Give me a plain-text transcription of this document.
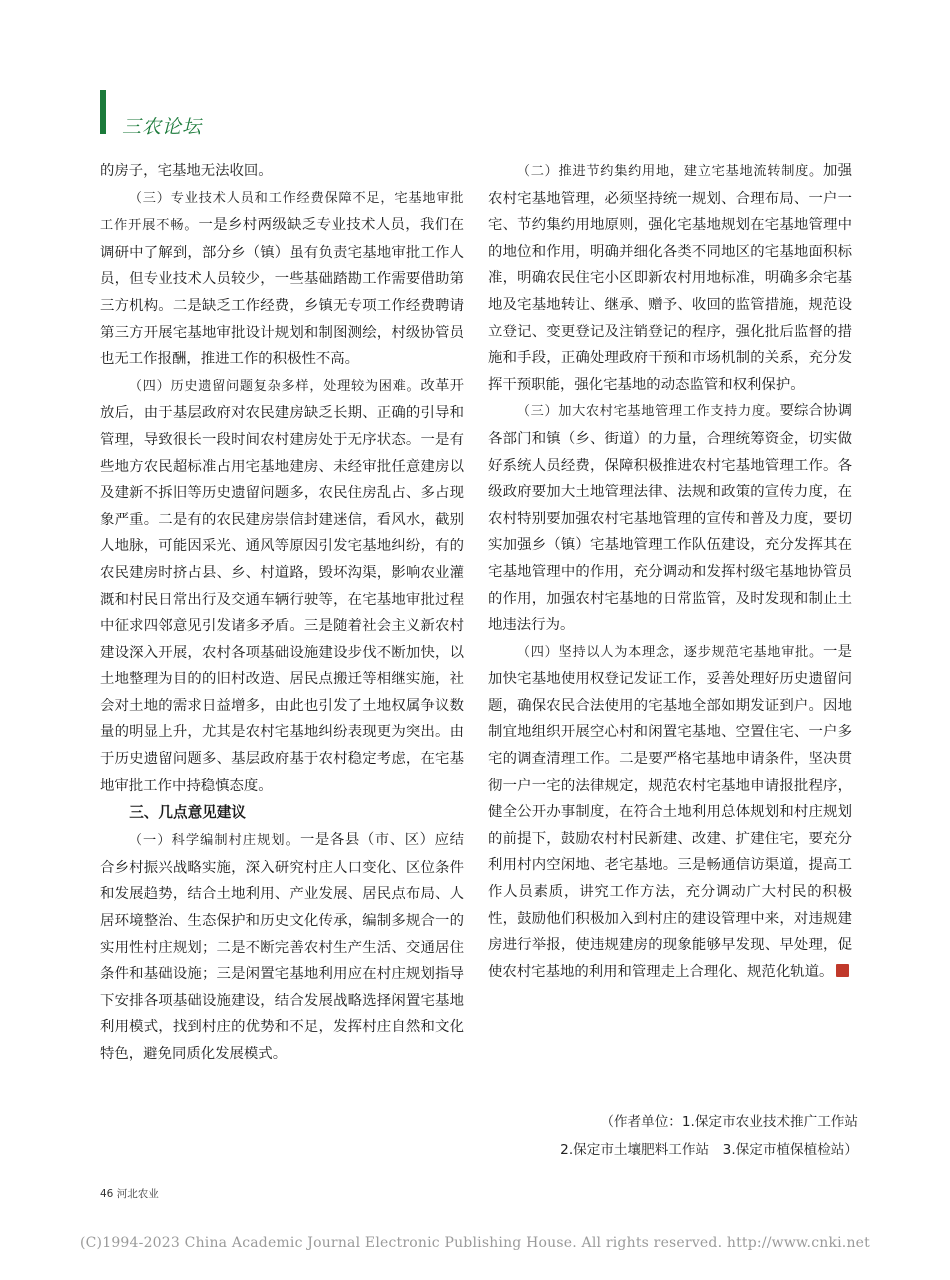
三农论坛

的房子，宅基地无法收回。

（三）专业技术人员和工作经费保障不足，宅基地审批工作开展不畅。一是乡村两级缺乏专业技术人员，我们在调研中了解到，部分乡（镇）虽有负责宅基地审批工作人员，但专业技术人员较少，一些基础踏勘工作需要借助第三方机构。二是缺乏工作经费，乡镇无专项工作经费聘请第三方开展宅基地审批设计规划和制图测绘，村级协管员也无工作报酬，推进工作的积极性不高。

（四）历史遗留问题复杂多样，处理较为困难。改革开放后，由于基层政府对农民建房缺乏长期、正确的引导和管理，导致很长一段时间农村建房处于无序状态。一是有些地方农民超标准占用宅基地建房、未经审批任意建房以及建新不拆旧等历史遗留问题多，农民住房乱占、多占现象严重。二是有的农民建房崇信封建迷信，看风水，截别人地脉，可能因采光、通风等原因引发宅基地纠纷，有的农民建房时挤占县、乡、村道路，毁坏沟渠，影响农业灌溉和村民日常出行及交通车辆行驶等，在宅基地审批过程中征求四邻意见引发诸多矛盾。三是随着社会主义新农村建设深入开展，农村各项基础设施建设步伐不断加快，以土地整理为目的的旧村改造、居民点搬迁等相继实施，社会对土地的需求日益增多，由此也引发了土地权属争议数量的明显上升，尤其是农村宅基地纠纷表现更为突出。由于历史遗留问题多、基层政府基于农村稳定考虑，在宅基地审批工作中持稳慎态度。

三、几点意见建议

（一）科学编制村庄规划。一是各县（市、区）应结合乡村振兴战略实施，深入研究村庄人口变化、区位条件和发展趋势，结合土地利用、产业发展、居民点布局、人居环境整治、生态保护和历史文化传承，编制多规合一的实用性村庄规划；二是不断完善农村生产生活、交通居住条件和基础设施；三是闲置宅基地利用应在村庄规划指导下安排各项基础设施建设，结合发展战略选择闲置宅基地利用模式，找到村庄的优势和不足，发挥村庄自然和文化特色，避免同质化发展模式。

（二）推进节约集约用地，建立宅基地流转制度。加强农村宅基地管理，必须坚持统一规划、合理布局、一户一宅、节约集约用地原则，强化宅基地规划在宅基地管理中的地位和作用，明确并细化各类不同地区的宅基地面积标准，明确农民住宅小区即新农村用地标准，明确多余宅基地及宅基地转让、继承、赠予、收回的监管措施，规范设立登记、变更登记及注销登记的程序，强化批后监督的措施和手段，正确处理政府干预和市场机制的关系，充分发挥干预职能，强化宅基地的动态监管和权利保护。

（三）加大农村宅基地管理工作支持力度。要综合协调各部门和镇（乡、街道）的力量，合理统筹资金，切实做好系统人员经费，保障积极推进农村宅基地管理工作。各级政府要加大土地管理法律、法规和政策的宣传力度，在农村特别要加强农村宅基地管理的宣传和普及力度，要切实加强乡（镇）宅基地管理工作队伍建设，充分发挥其在宅基地管理中的作用，充分调动和发挥村级宅基地协管员的作用，加强农村宅基地的日常监管，及时发现和制止土地违法行为。

（四）坚持以人为本理念，逐步规范宅基地审批。一是加快宅基地使用权登记发证工作，妥善处理好历史遗留问题，确保农民合法使用的宅基地全部如期发证到户。因地制宜地组织开展空心村和闲置宅基地、空置住宅、一户多宅的调查清理工作。二是要严格宅基地申请条件，坚决贯彻一户一宅的法律规定，规范农村宅基地申请报批程序，健全公开办事制度，在符合土地利用总体规划和村庄规划的前提下，鼓励农村村民新建、改建、扩建住宅，要充分利用村内空闲地、老宅基地。三是畅通信访渠道，提高工作人员素质，讲究工作方法，充分调动广大村民的积极性，鼓励他们积极加入到村庄的建设管理中来，对违规建房进行举报，使违规建房的现象能够早发现、早处理，促使农村宅基地的利用和管理走上合理化、规范化轨道。

（作者单位：1.保定市农业技术推广工作站
2.保定市土壤肥料工作站　3.保定市植保植检站）
46 河北农业
(C)1994-2023 China Academic Journal Electronic Publishing House. All rights reserved. http://www.cnki.net
